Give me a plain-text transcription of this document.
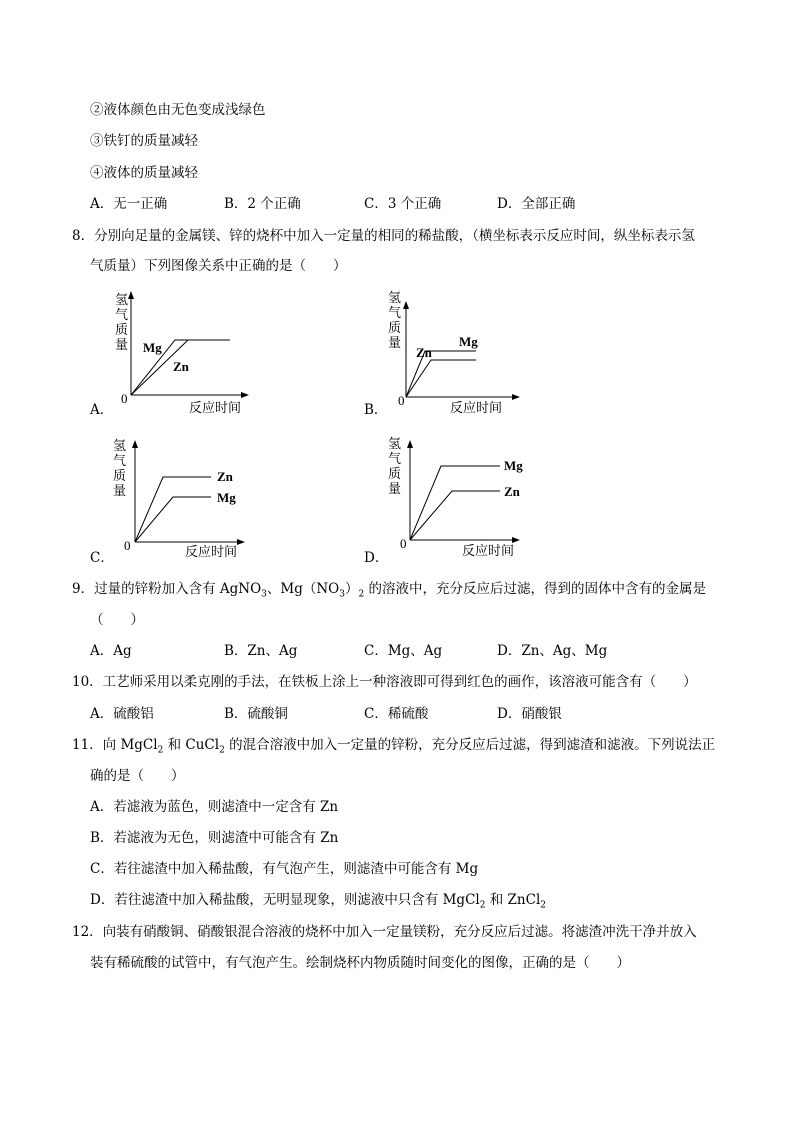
②液体颜色由无色变成浅绿色
③铁钉的质量减轻
④液体的质量减轻
A．无一正确	B．2 个正确	C．3 个正确	D．全部正确
8．分别向足量的金属镁、锌的烧杯中加入一定量的相同的稀盐酸，（横坐标表示反应时间，纵坐标表示氢
气质量）下列图像关系中正确的是（　　）
A．
氢
气
质
量
0
反应时间
Mg
Zn
B．
氢
气
质
量
0	反应时间
Mg
Zn
C．
氢
气
质
量
0	反应时间
Zn
Mg
D．
氢
气
质
量
0	反应时间
Mg
Zn
9．过量的锌粉加入含有 AgNO$_3$、$Mg(NO_3)_2$ 的溶液中，充分反应后过滤，得到的固体中含有的金属是
（　　）
A．Ag	B．Zn、Ag	C．Mg、Ag	D．Zn、Ag、Mg
10．工艺师采用以柔克刚的手法，在铁板上涂上一种溶液即可得到红色的画作，该溶液可能含有（　　）
A．硫酸铝	B．硫酸铜	C．稀硫酸	D．硝酸银
11．向 MgCl$_2$ 和 CuCl$_2$ 的混合溶液中加入一定量的锌粉，充分反应后过滤，得到滤渣和滤液。下列说法正
确的是（　　）
A．若滤液为蓝色，则滤渣中一定含有 Zn
B．若滤液为无色，则滤渣中可能含有 Zn
C．若往滤渣中加入稀盐酸，有气泡产生，则滤渣中可能含有 Mg
D．若往滤渣中加入稀盐酸，无明显现象，则滤液中只含有 MgCl$_2$ 和 ZnCl$_2$
12．向装有硝酸铜、硝酸银混合溶液的烧杯中加入一定量镁粉，充分反应后过滤。将滤渣冲洗干净并放入
装有稀硫酸的试管中，有气泡产生。绘制烧杯内物质随时间变化的图像，正确的是（　　）
